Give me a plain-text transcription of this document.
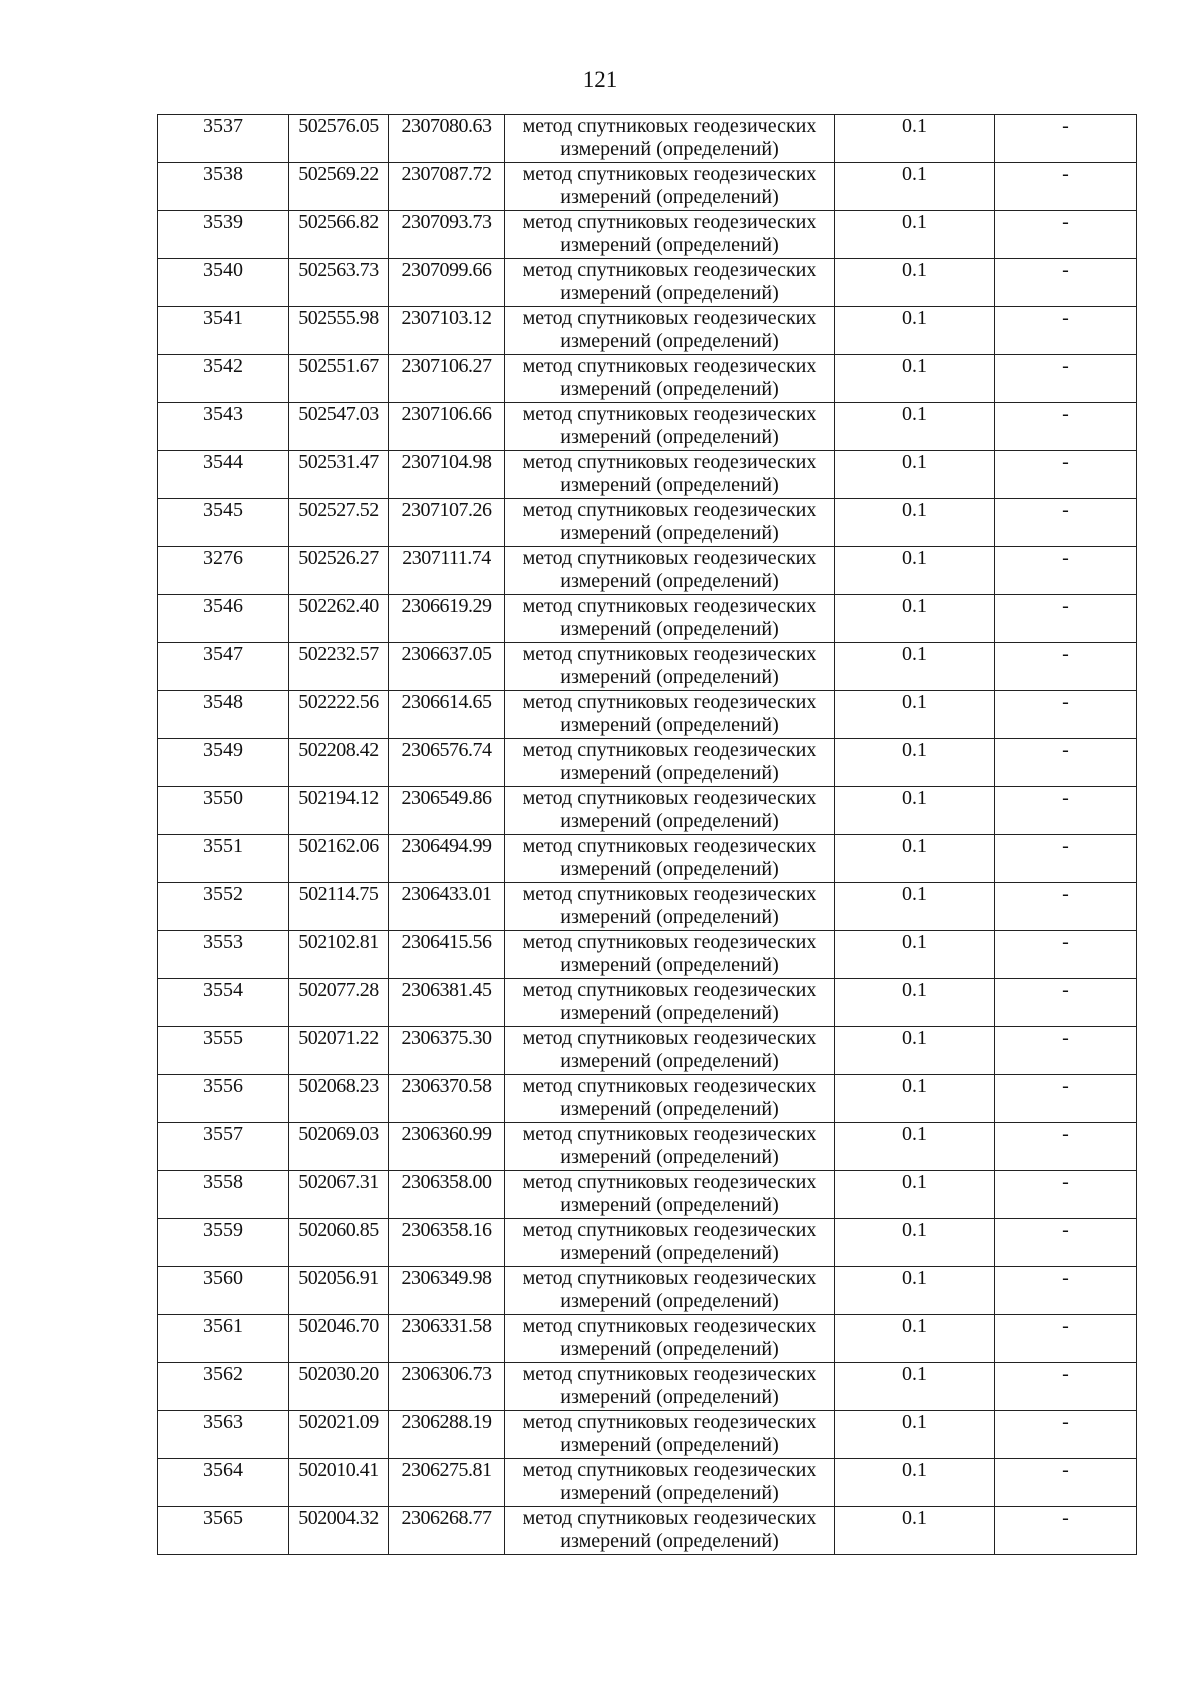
121
3537	502576.05	2307080.63	метод спутниковых геодезических измерений (определений)	0.1	-
3538	502569.22	2307087.72	метод спутниковых геодезических измерений (определений)	0.1	-
3539	502566.82	2307093.73	метод спутниковых геодезических измерений (определений)	0.1	-
3540	502563.73	2307099.66	метод спутниковых геодезических измерений (определений)	0.1	-
3541	502555.98	2307103.12	метод спутниковых геодезических измерений (определений)	0.1	-
3542	502551.67	2307106.27	метод спутниковых геодезических измерений (определений)	0.1	-
3543	502547.03	2307106.66	метод спутниковых геодезических измерений (определений)	0.1	-
3544	502531.47	2307104.98	метод спутниковых геодезических измерений (определений)	0.1	-
3545	502527.52	2307107.26	метод спутниковых геодезических измерений (определений)	0.1	-
3276	502526.27	2307111.74	метод спутниковых геодезических измерений (определений)	0.1	-
3546	502262.40	2306619.29	метод спутниковых геодезических измерений (определений)	0.1	-
3547	502232.57	2306637.05	метод спутниковых геодезических измерений (определений)	0.1	-
3548	502222.56	2306614.65	метод спутниковых геодезических измерений (определений)	0.1	-
3549	502208.42	2306576.74	метод спутниковых геодезических измерений (определений)	0.1	-
3550	502194.12	2306549.86	метод спутниковых геодезических измерений (определений)	0.1	-
3551	502162.06	2306494.99	метод спутниковых геодезических измерений (определений)	0.1	-
3552	502114.75	2306433.01	метод спутниковых геодезических измерений (определений)	0.1	-
3553	502102.81	2306415.56	метод спутниковых геодезических измерений (определений)	0.1	-
3554	502077.28	2306381.45	метод спутниковых геодезических измерений (определений)	0.1	-
3555	502071.22	2306375.30	метод спутниковых геодезических измерений (определений)	0.1	-
3556	502068.23	2306370.58	метод спутниковых геодезических измерений (определений)	0.1	-
3557	502069.03	2306360.99	метод спутниковых геодезических измерений (определений)	0.1	-
3558	502067.31	2306358.00	метод спутниковых геодезических измерений (определений)	0.1	-
3559	502060.85	2306358.16	метод спутниковых геодезических измерений (определений)	0.1	-
3560	502056.91	2306349.98	метод спутниковых геодезических измерений (определений)	0.1	-
3561	502046.70	2306331.58	метод спутниковых геодезических измерений (определений)	0.1	-
3562	502030.20	2306306.73	метод спутниковых геодезических измерений (определений)	0.1	-
3563	502021.09	2306288.19	метод спутниковых геодезических измерений (определений)	0.1	-
3564	502010.41	2306275.81	метод спутниковых геодезических измерений (определений)	0.1	-
3565	502004.32	2306268.77	метод спутниковых геодезических измерений (определений)	0.1	-
